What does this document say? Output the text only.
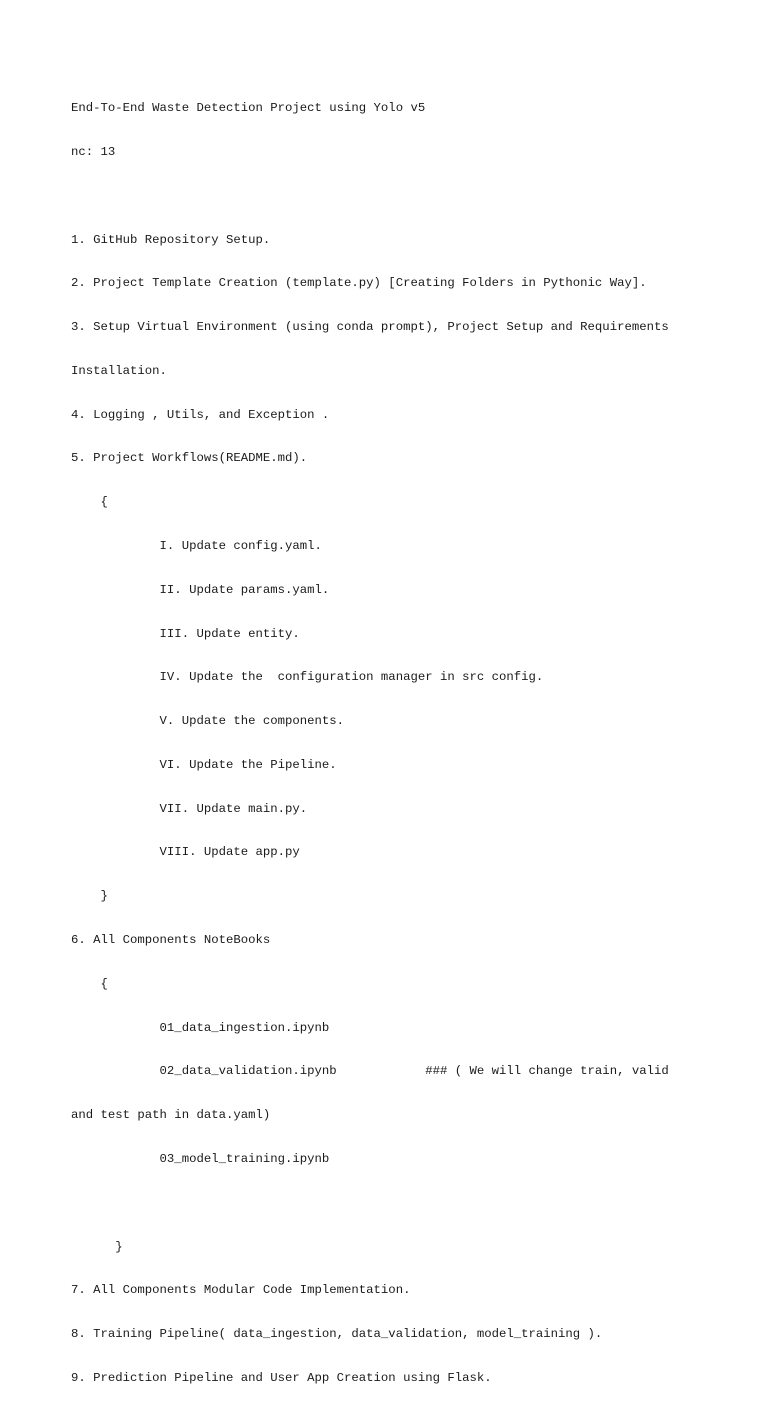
End-To-End Waste Detection Project using Yolo v5

nc: 13

1. GitHub Repository Setup.

2. Project Template Creation (template.py) [Creating Folders in Pythonic Way].

3. Setup Virtual Environment (using conda prompt), Project Setup and Requirements

Installation.

4. Logging , Utils, and Exception .

5. Project Workflows(README.md).

{

I. Update config.yaml.

II. Update params.yaml.

III. Update entity.

IV. Update the  configuration manager in src config.

V. Update the components.

VI. Update the Pipeline.

VII. Update main.py.

VIII. Update app.py

}

6. All Components NoteBooks

{

01_data_ingestion.ipynb

02_data_validation.ipynb            ### ( We will change train, valid

and test path in data.yaml)

03_model_training.ipynb

}

7. All Components Modular Code Implementation.

8. Training Pipeline( data_ingestion, data_validation, model_training ).

9. Prediction Pipeline and User App Creation using Flask.
